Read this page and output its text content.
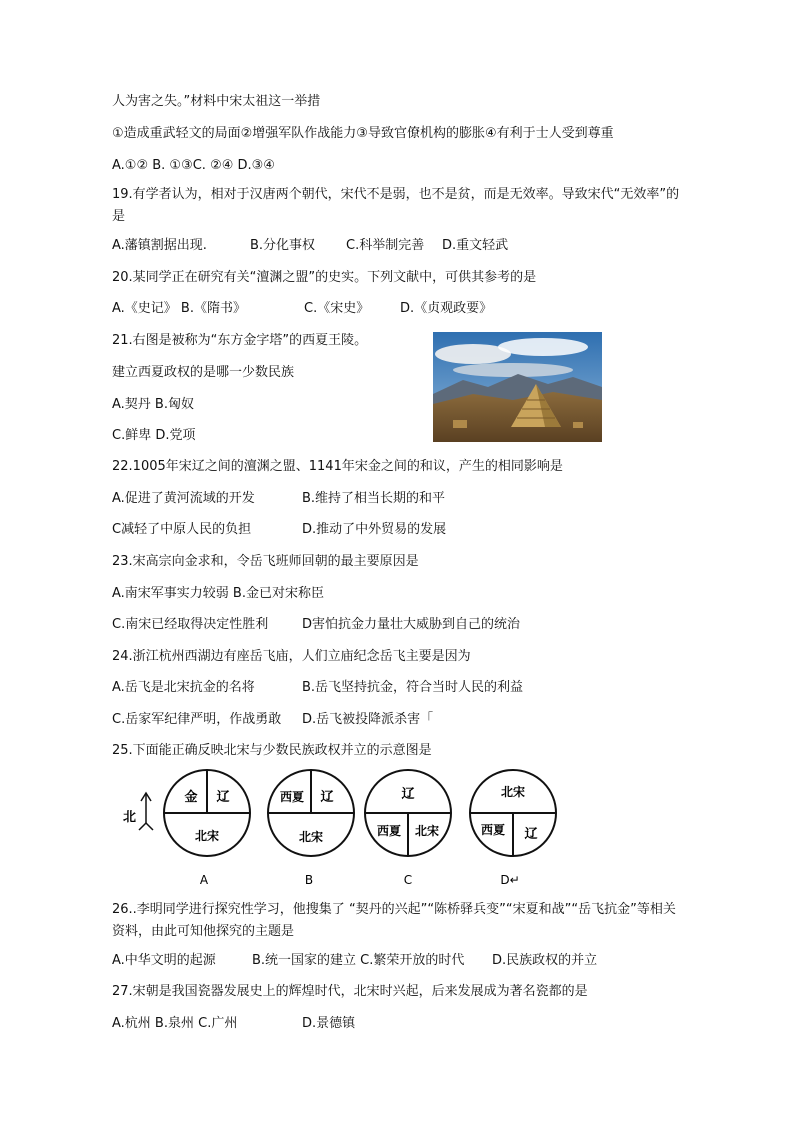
人为害之失。”材料中宋太祖这一举措
①造成重武轻文的局面②增强军队作战能力③导致官僚机构的膨胀④有利于士人受到尊重
A.①② B. ①③C. ②④ D.③④
19.有学者认为，相对于汉唐两个朝代，宋代不是弱，也不是贫，而是无效率。导致宋代“无效率”的是
A.藩镇割据出现.	B.分化事权 C.科举制完善 D.重文轻武
20.某同学正在研究有关“澶渊之盟”的史实。下列文献中，可供其参考的是
A.《史记》 B.《隋书》	C.《宋史》 D.《贞观政要》
21.右图是被称为“东方金字塔”的西夏王陵。
建立西夏政权的是哪一少数民族
A.契丹 B.匈奴
C.鲜卑 D.党项
22.1005年宋辽之间的澶渊之盟、1141年宋金之间的和议，产生的相同影响是
A.促进了黄河流域的开发	B.维持了相当长期的和平
C减轻了中原人民的负担	D.推动了中外贸易的发展
23.宋高宗向金求和，令岳飞班师回朝的最主要原因是
A.南宋军事实力较弱 B.金已对宋称臣
C.南宋已经取得决定性胜利	D害怕抗金力量壮大威胁到自己的统治
24.浙江杭州西湖边有座岳飞庙，人们立庙纪念岳飞主要是因为
A.岳飞是北宋抗金的名将	B.岳飞坚持抗金，符合当时人民的利益
C.岳家军纪律严明，作战勇敢 D.岳飞被投降派杀害「
25.下面能正确反映北宋与少数民族政权并立的示意图是
北
金 辽
北宋
A
西夏 辽
北宋
B
辽
西夏 北宋
C
北宋
西夏 辽
D↵
26..李明同学进行探究性学习，他搜集了 “契丹的兴起”“陈桥驿兵变”“宋夏和战”“岳飞抗金”等相关资料，由此可知他探究的主题是
A.中华文明的起源	B.统一国家的建立 C.繁荣开放的时代 D.民族政权的并立
27.宋朝是我国瓷器发展史上的辉煌时代，北宋时兴起，后来发展成为著名瓷都的是
A.杭州 B.泉州 C.广州	D.景德镇
